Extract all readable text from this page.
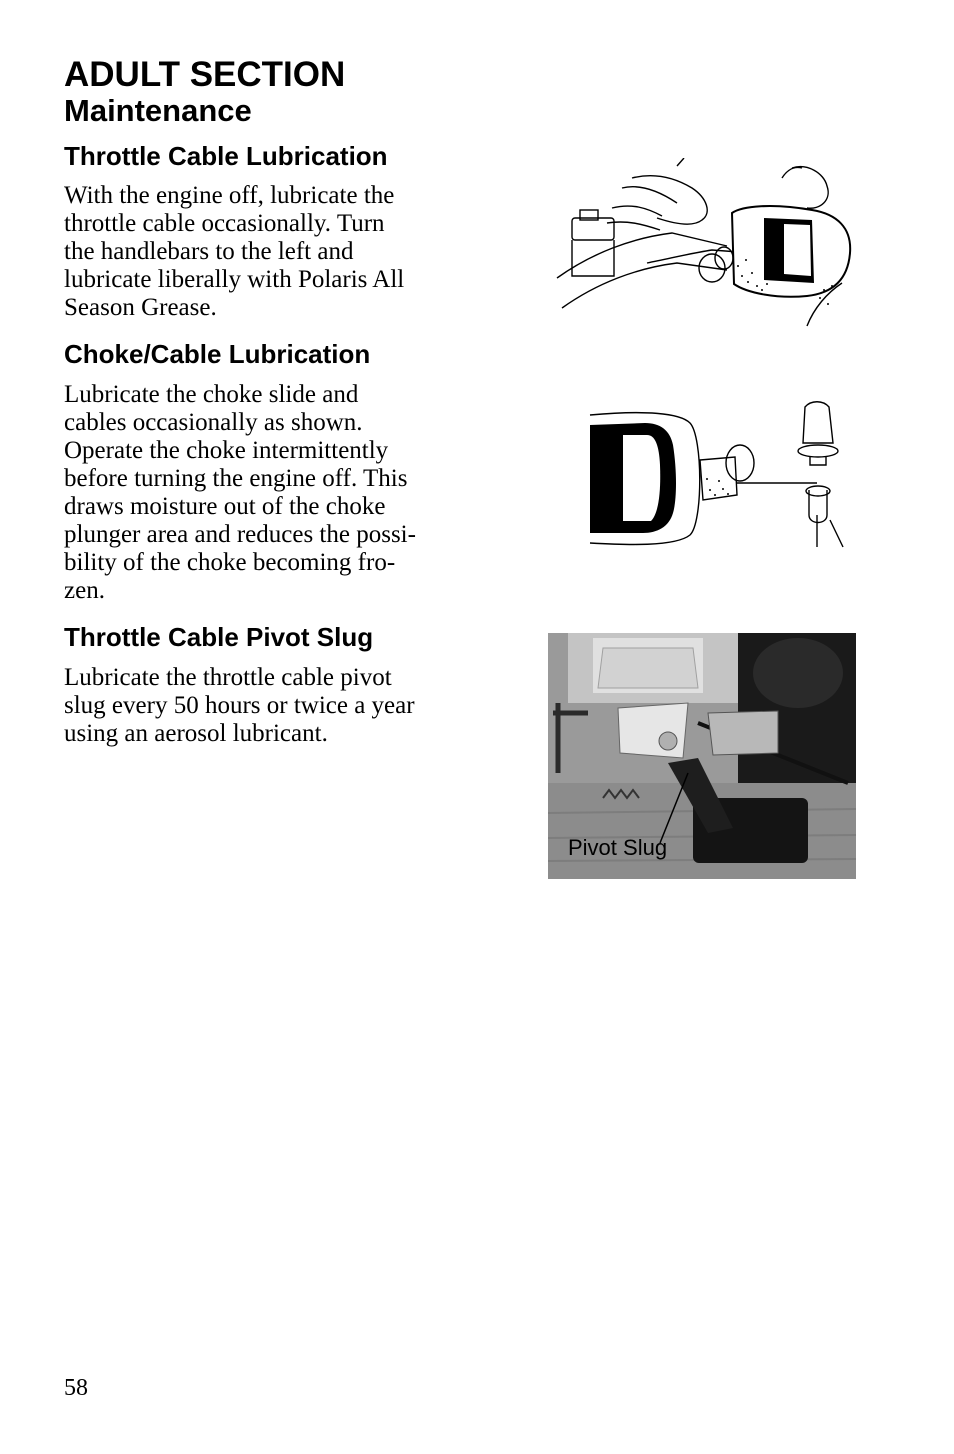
ADULT SECTION
Maintenance
Throttle Cable Lubrication
With the engine off, lubricate the
throttle cable occasionally. Turn
the handlebars to the left and
lubricate liberally with Polaris All
Season Grease.
Choke/Cable Lubrication
Lubricate the choke slide and
cables occasionally as shown.
Operate the choke intermittently
before turning the engine off. This
draws moisture out of the choke
plunger area and reduces the possi-
bility of the choke becoming fro-
zen.
Throttle Cable Pivot Slug
Lubricate the throttle cable pivot
slug every 50 hours or twice a year
using an aerosol lubricant.
Pivot Slug

58
